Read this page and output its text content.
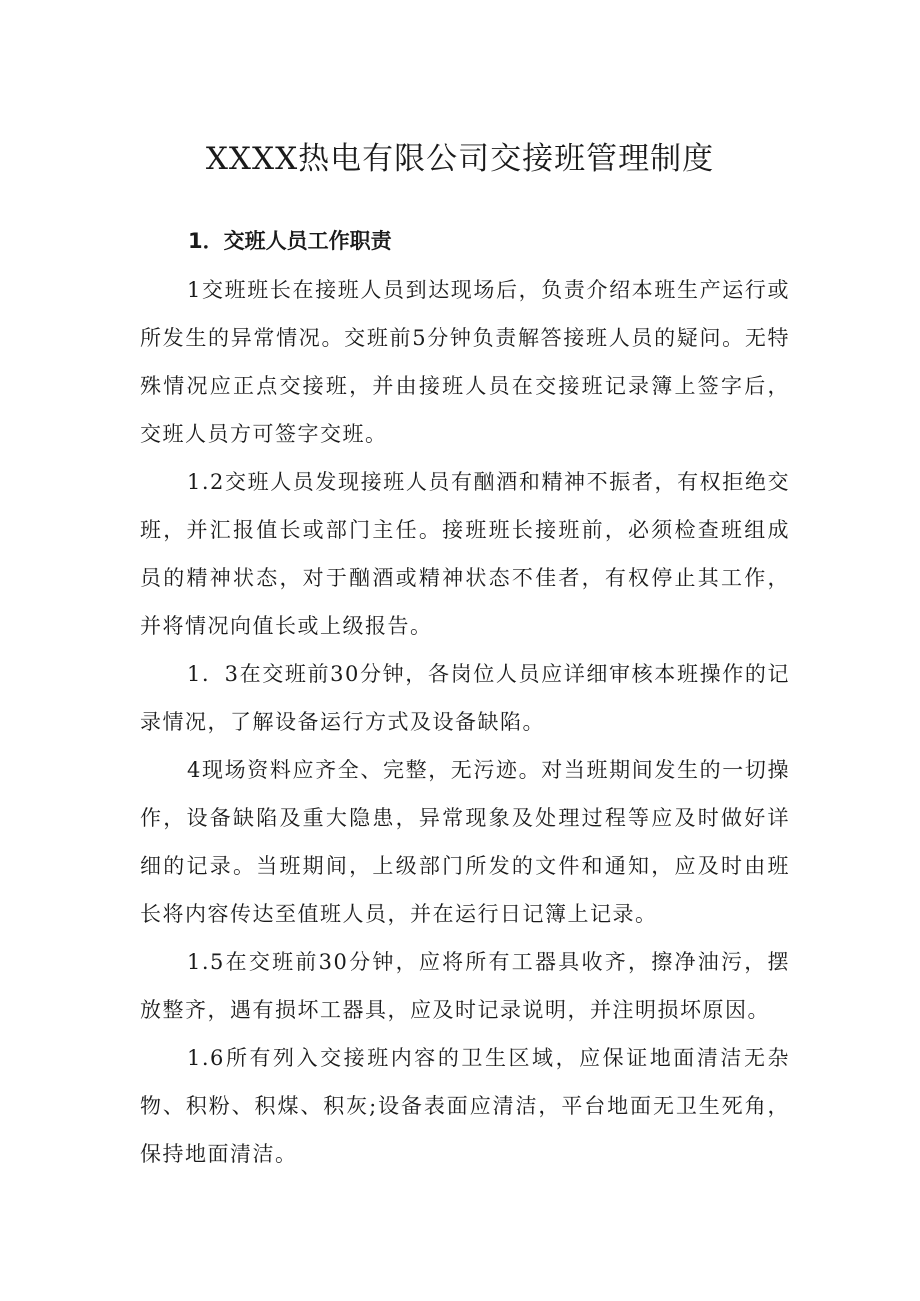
XXXX热电有限公司交接班管理制度
1．交班人员工作职责

1交班班长在接班人员到达现场后，负责介绍本班生产运行或所发生的异常情况。交班前5分钟负责解答接班人员的疑问。无特殊情况应正点交接班，并由接班人员在交接班记录簿上签字后，交班人员方可签字交班。

1.2交班人员发现接班人员有酗酒和精神不振者，有权拒绝交班，并汇报值长或部门主任。接班班长接班前，必须检查班组成员的精神状态，对于酗酒或精神状态不佳者，有权停止其工作，并将情况向值长或上级报告。

1．3在交班前30分钟，各岗位人员应详细审核本班操作的记录情况，了解设备运行方式及设备缺陷。

4现场资料应齐全、完整，无污迹。对当班期间发生的一切操作，设备缺陷及重大隐患，异常现象及处理过程等应及时做好详细的记录。当班期间，上级部门所发的文件和通知，应及时由班长将内容传达至值班人员，并在运行日记簿上记录。

1.5在交班前30分钟，应将所有工器具收齐，擦净油污，摆放整齐，遇有损坏工器具，应及时记录说明，并注明损坏原因。

1.6所有列入交接班内容的卫生区域，应保证地面清洁无杂物、积粉、积煤、积灰;设备表面应清洁，平台地面无卫生死角，保持地面清洁。
